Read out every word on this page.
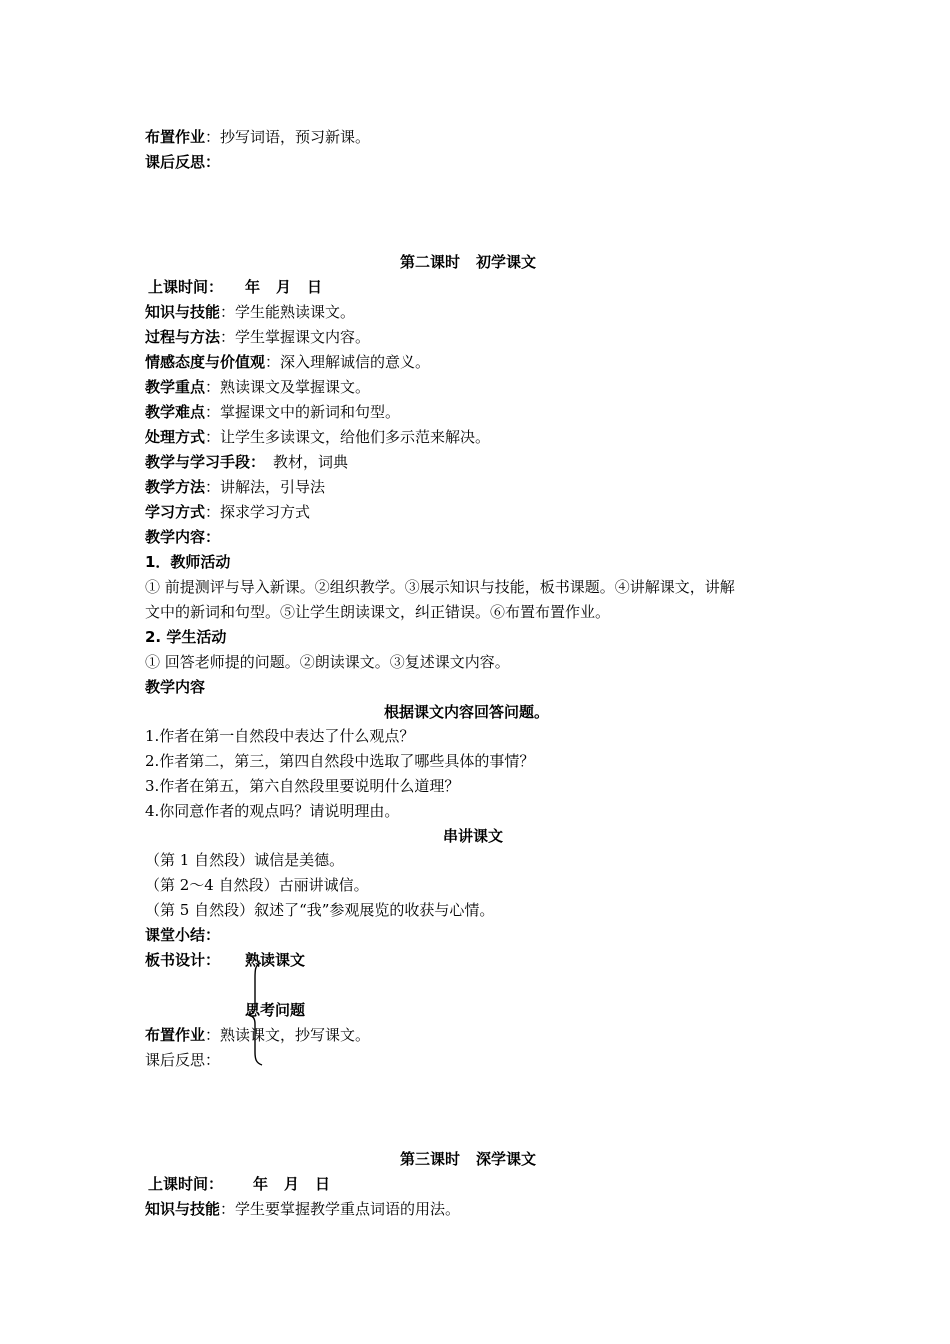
布置作业：抄写词语，预习新课。
课后反思：
第二课时 初学课文
上课时间： 年 月 日
知识与技能：学生能熟读课文。
过程与方法：学生掌握课文内容。
情感态度与价值观：深入理解诚信的意义。
教学重点：熟读课文及掌握课文。
教学难点：掌握课文中的新词和句型。
处理方式：让学生多读课文，给他们多示范来解决。
教学与学习手段： 教材，词典
教学方法：讲解法，引导法
学习方式：探求学习方式
教学内容：
1．教师活动
① 前提测评与导入新课。②组织教学。③展示知识与技能，板书课题。④讲解课文，讲解
文中的新词和句型。⑤让学生朗读课文，纠正错误。⑥布置布置作业。
2. 学生活动
① 回答老师提的问题。②朗读课文。③复述课文内容。
教学内容
根据课文内容回答问题。
1.作者在第一自然段中表达了什么观点？
2.作者第二，第三，第四自然段中选取了哪些具体的事情？
3.作者在第五，第六自然段里要说明什么道理？
4.你同意作者的观点吗？请说明理由。
串讲课文
（第 1 自然段）诚信是美德。
（第 2～4 自然段）古丽讲诚信。
（第 5 自然段）叙述了“我”参观展览的收获与心情。
课堂小结：
板书设计： 熟读课文
思考问题
布置作业：熟读课文，抄写课文。
课后反思：
第三课时 深学课文
上课时间： 年 月 日
知识与技能：学生要掌握教学重点词语的用法。
